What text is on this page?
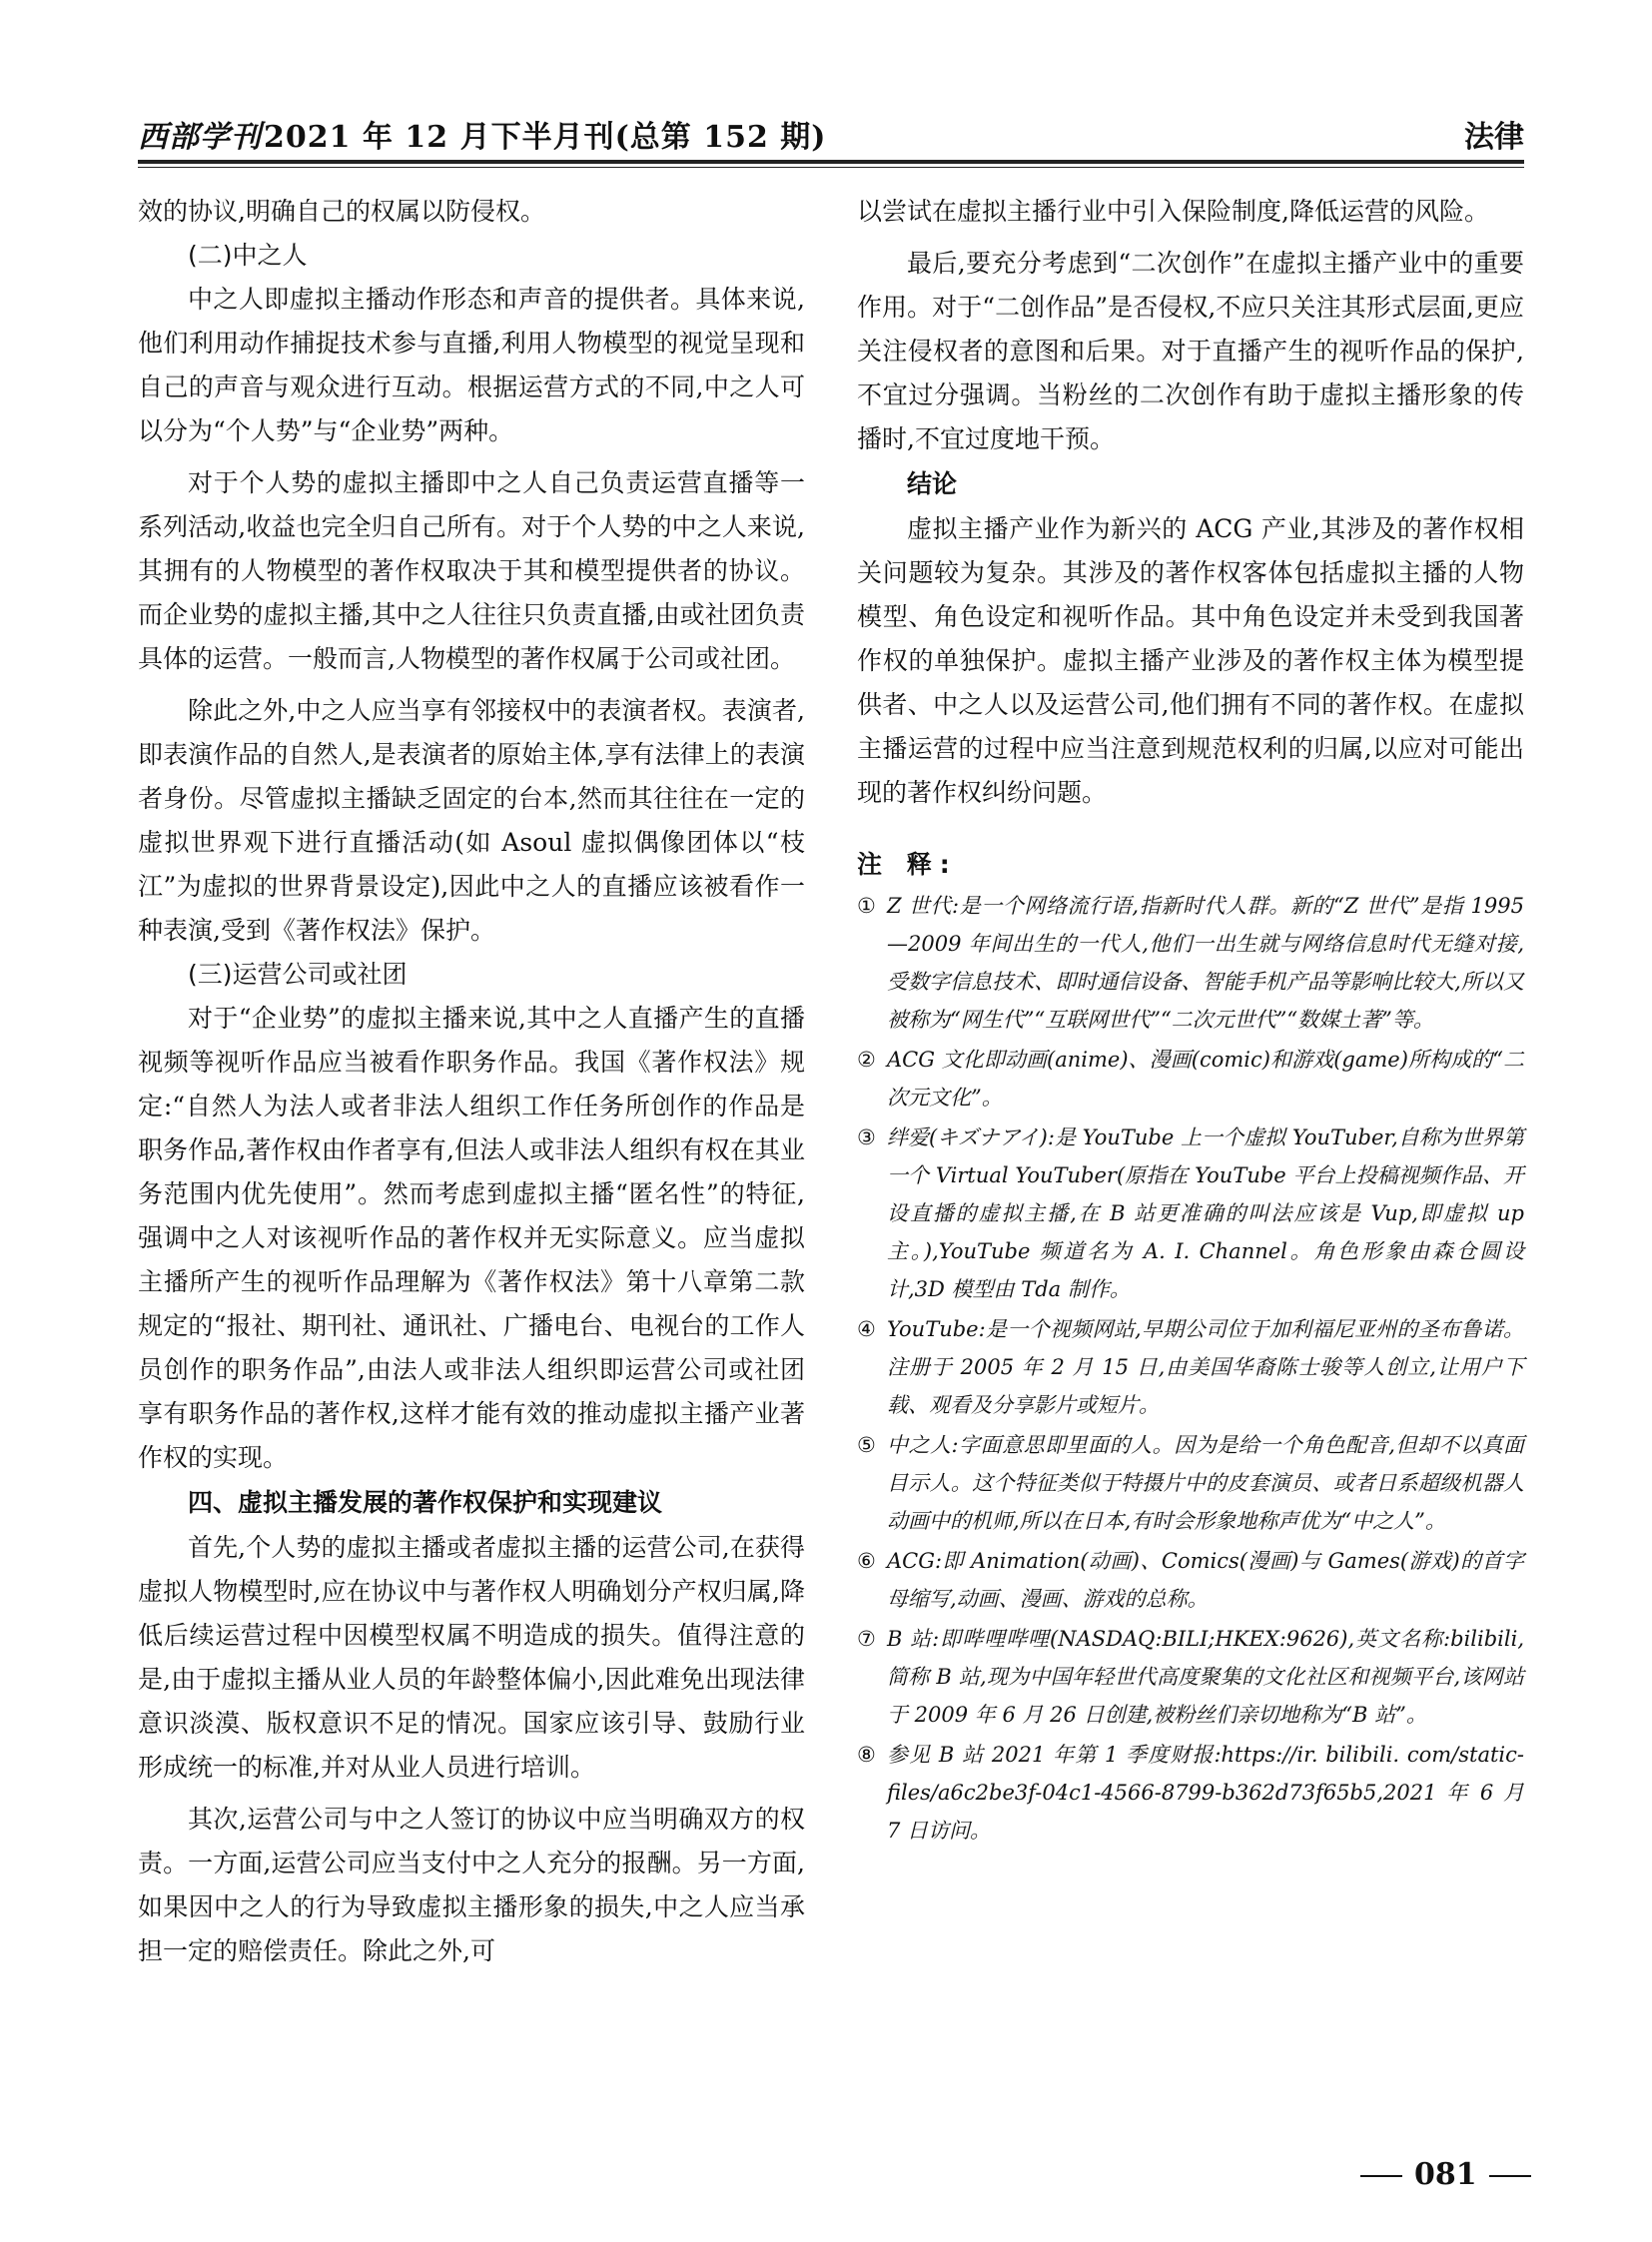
西部学刊2021 年 12 月下半月刊(总第 152 期)	法律

效的协议,明确自己的权属以防侵权。

(二)中之人

中之人即虚拟主播动作形态和声音的提供者。具体来说,他们利用动作捕捉技术参与直播,利用人物模型的视觉呈现和自己的声音与观众进行互动。根据运营方式的不同,中之人可以分为“个人势”与“企业势”两种。

对于个人势的虚拟主播即中之人自己负责运营直播等一系列活动,收益也完全归自己所有。对于个人势的中之人来说,其拥有的人物模型的著作权取决于其和模型提供者的协议。而企业势的虚拟主播,其中之人往往只负责直播,由或社团负责具体的运营。一般而言,人物模型的著作权属于公司或社团。

除此之外,中之人应当享有邻接权中的表演者权。表演者,即表演作品的自然人,是表演者的原始主体,享有法律上的表演者身份。尽管虚拟主播缺乏固定的台本,然而其往往在一定的虚拟世界观下进行直播活动(如 Asoul 虚拟偶像团体以“枝江”为虚拟的世界背景设定),因此中之人的直播应该被看作一种表演,受到《著作权法》保护。

(三)运营公司或社团

对于“企业势”的虚拟主播来说,其中之人直播产生的直播视频等视听作品应当被看作职务作品。我国《著作权法》规定:“自然人为法人或者非法人组织工作任务所创作的作品是职务作品,著作权由作者享有,但法人或非法人组织有权在其业务范围内优先使用”。然而考虑到虚拟主播“匿名性”的特征,强调中之人对该视听作品的著作权并无实际意义。应当虚拟主播所产生的视听作品理解为《著作权法》第十八章第二款规定的“报社、期刊社、通讯社、广播电台、电视台的工作人员创作的职务作品”,由法人或非法人组织即运营公司或社团享有职务作品的著作权,这样才能有效的推动虚拟主播产业著作权的实现。

四、虚拟主播发展的著作权保护和实现建议

首先,个人势的虚拟主播或者虚拟主播的运营公司,在获得虚拟人物模型时,应在协议中与著作权人明确划分产权归属,降低后续运营过程中因模型权属不明造成的损失。值得注意的是,由于虚拟主播从业人员的年龄整体偏小,因此难免出现法律意识淡漠、版权意识不足的情况。国家应该引导、鼓励行业形成统一的标准,并对从业人员进行培训。

其次,运营公司与中之人签订的协议中应当明确双方的权责。一方面,运营公司应当支付中之人充分的报酬。另一方面,如果因中之人的行为导致虚拟主播形象的损失,中之人应当承担一定的赔偿责任。除此之外,可

以尝试在虚拟主播行业中引入保险制度,降低运营的风险。

最后,要充分考虑到“二次创作”在虚拟主播产业中的重要作用。对于“二创作品”是否侵权,不应只关注其形式层面,更应关注侵权者的意图和后果。对于直播产生的视听作品的保护,不宜过分强调。当粉丝的二次创作有助于虚拟主播形象的传播时,不宜过度地干预。

结论

虚拟主播产业作为新兴的 ACG 产业,其涉及的著作权相关问题较为复杂。其涉及的著作权客体包括虚拟主播的人物模型、角色设定和视听作品。其中角色设定并未受到我国著作权的单独保护。虚拟主播产业涉及的著作权主体为模型提供者、中之人以及运营公司,他们拥有不同的著作权。在虚拟主播运营的过程中应当注意到规范权利的归属,以应对可能出现的著作权纠纷问题。

注 释:
① Z 世代:是一个网络流行语,指新时代人群。新的“Z 世代”是指 1995—2009 年间出生的一代人,他们一出生就与网络信息时代无缝对接,受数字信息技术、即时通信设备、智能手机产品等影响比较大,所以又被称为“网生代”“互联网世代”“二次元世代”“数媒土著”等。
② ACG 文化即动画(anime)、漫画(comic)和游戏(game)所构成的“二次元文化”。
③ 绊爱(キズナアイ):是 YouTube 上一个虚拟 YouTuber,自称为世界第一个 Virtual YouTuber(原指在 YouTube 平台上投稿视频作品、开设直播的虚拟主播,在 B 站更准确的叫法应该是 Vup,即虚拟 up 主。),YouTube 频道名为 A. I. Channel。角色形象由森仓圆设计,3D 模型由 Tda 制作。
④ YouTube:是一个视频网站,早期公司位于加利福尼亚州的圣布鲁诺。注册于 2005 年 2 月 15 日,由美国华裔陈士骏等人创立,让用户下载、观看及分享影片或短片。
⑤ 中之人:字面意思即里面的人。因为是给一个角色配音,但却不以真面目示人。这个特征类似于特摄片中的皮套演员、或者日系超级机器人动画中的机师,所以在日本,有时会形象地称声优为“中之人”。
⑥ ACG:即 Animation(动画)、Comics(漫画)与 Games(游戏)的首字母缩写,动画、漫画、游戏的总称。
⑦ B 站:即哔哩哔哩(NASDAQ:BILI;HKEX:9626),英文名称:bilibili,简称 B 站,现为中国年轻世代高度聚集的文化社区和视频平台,该网站于 2009 年 6 月 26 日创建,被粉丝们亲切地称为“B 站”。
⑧ 参见 B 站 2021 年第 1 季度财报:https://ir. bilibili. com/static-files/a6c2be3f-04c1-4566-8799-b362d73f65b5,2021 年 6 月 7 日访问。
081
